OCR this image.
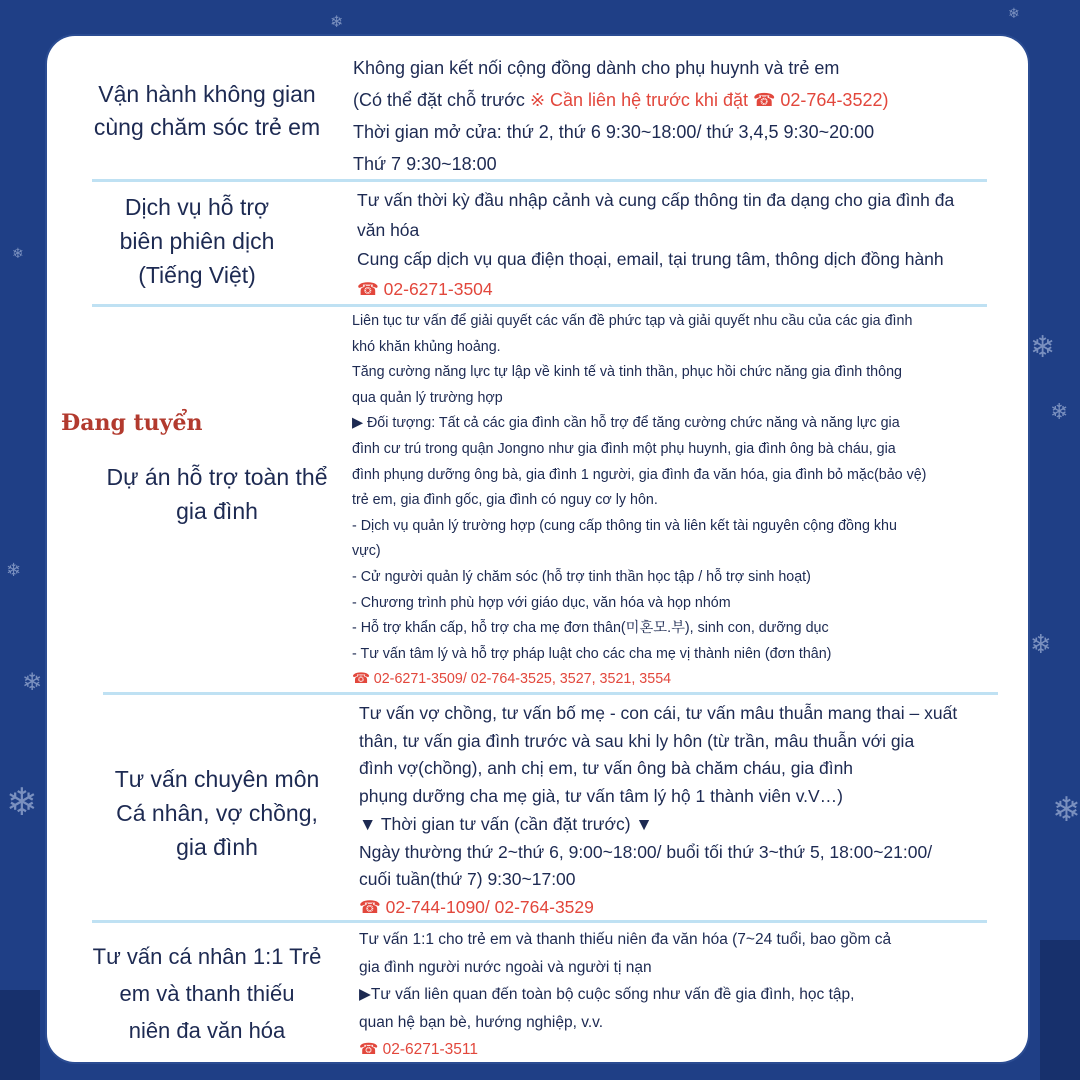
❄
❄
❄
❄
❄
❄
❄
❄	❄
❄
Vận hành không gian
cùng chăm sóc trẻ em

Không gian kết nối cộng đồng dành cho phụ huynh và trẻ em

(Có thể đặt chỗ trước ※ Cần liên hệ trước khi đặt ☎ 02-764-3522)

Thời gian mở cửa: thứ 2, thứ 6 9:30~18:00/ thứ 3,4,5 9:30~20:00

Thứ 7 9:30~18:00

Dịch vụ hỗ trợ
biên phiên dịch
(Tiếng Việt)

Tư vấn thời kỳ đầu nhập cảnh và cung cấp thông tin đa dạng cho gia đình đa

văn hóa

Cung cấp dịch vụ qua điện thoại, email, tại trung tâm, thông dịch đồng hành

☎ 02-6271-3504

Đang tuyển
Dự án hỗ trợ toàn thể
gia đình

Liên tục tư vấn để giải quyết các vấn đề phức tạp và giải quyết nhu cầu của các gia đình

khó khăn khủng hoảng.

Tăng cường năng lực tự lập về kinh tế và tinh thần, phục hồi chức năng gia đình thông

qua quản lý trường hợp

▶ Đối tượng: Tất cả các gia đình cần hỗ trợ để tăng cường chức năng và năng lực gia

đình cư trú trong quận Jongno như gia đình một phụ huynh, gia đình ông bà cháu, gia

đình phụng dưỡng ông bà, gia đình 1 người, gia đình đa văn hóa, gia đình bỏ mặc(bảo vệ)

trẻ em, gia đình gốc, gia đình có nguy cơ ly hôn.

- Dịch vụ quản lý trường hợp (cung cấp thông tin và liên kết tài nguyên cộng đồng khu

vực)

- Cử người quản lý chăm sóc (hỗ trợ tinh thần học tập / hỗ trợ sinh hoạt)

- Chương trình phù hợp với giáo dục, văn hóa và họp nhóm

- Hỗ trợ khẩn cấp, hỗ trợ cha mẹ đơn thân(미혼모.부), sinh con, dưỡng dục

- Tư vấn tâm lý và hỗ trợ pháp luật cho các cha mẹ vị thành niên (đơn thân)

☎ 02-6271-3509/ 02-764-3525, 3527, 3521, 3554

Tư vấn chuyên môn
Cá nhân, vợ chồng,
gia đình

Tư vấn vợ chồng, tư vấn bố mẹ - con cái, tư vấn mâu thuẫn mang thai – xuất

thân, tư vấn gia đình trước và sau khi ly hôn (từ trần, mâu thuẫn với gia

đình vợ(chồng), anh chị em, tư vấn ông bà chăm cháu, gia đình

phụng dưỡng cha mẹ già, tư vấn tâm lý hộ 1 thành viên v.V…)

▼ Thời gian tư vấn (cần đặt trước) ▼

Ngày thường thứ 2~thứ 6, 9:00~18:00/ buổi tối thứ 3~thứ 5, 18:00~21:00/

cuối tuần(thứ 7) 9:30~17:00

☎ 02-744-1090/ 02-764-3529

Tư vấn cá nhân 1:1 Trẻ
em và thanh thiếu
niên đa văn hóa

Tư vấn 1:1 cho trẻ em và thanh thiếu niên đa văn hóa (7~24 tuổi, bao gồm cả

gia đình người nước ngoài và người tị nạn

▶Tư vấn liên quan đến toàn bộ cuộc sống như vấn đề gia đình, học tập,

quan hệ bạn bè, hướng nghiệp, v.v.

☎ 02-6271-3511
